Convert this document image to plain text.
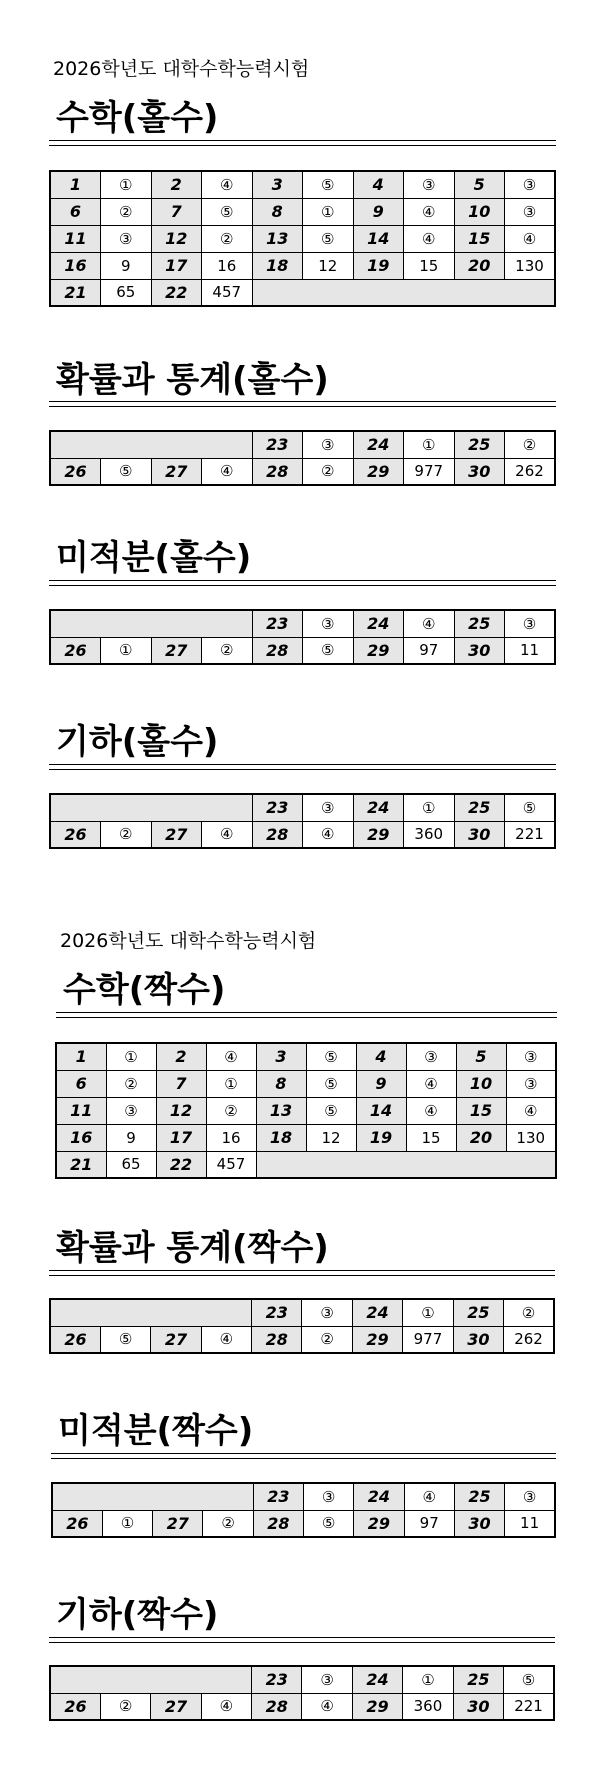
2026학년도 대학수학능력시험
수학(홀수)
1	①	2	④	3	⑤	4	③	5	③
6	②	7	⑤	8	①	9	④	10	③
11	③	12	②	13	⑤	14	④	15	④
16	9	17	16	18	12	19	15	20	130
21	65	22	457						
확률과 통계(홀수)
				23	③	24	①	25	②
26	⑤	27	④	28	②	29	977	30	262
미적분(홀수)
				23	③	24	④	25	③
26	①	27	②	28	⑤	29	97	30	11
기하(홀수)
				23	③	24	①	25	⑤
26	②	27	④	28	④	29	360	30	221
2026학년도 대학수학능력시험
수학(짝수)
1	①	2	④	3	⑤	4	③	5	③
6	②	7	①	8	⑤	9	④	10	③
11	③	12	②	13	⑤	14	④	15	④
16	9	17	16	18	12	19	15	20	130
21	65	22	457						
확률과 통계(짝수)
				23	③	24	①	25	②
26	⑤	27	④	28	②	29	977	30	262
미적분(짝수)
				23	③	24	④	25	③
26	①	27	②	28	⑤	29	97	30	11
기하(짝수)
				23	③	24	①	25	⑤
26	②	27	④	28	④	29	360	30	221
